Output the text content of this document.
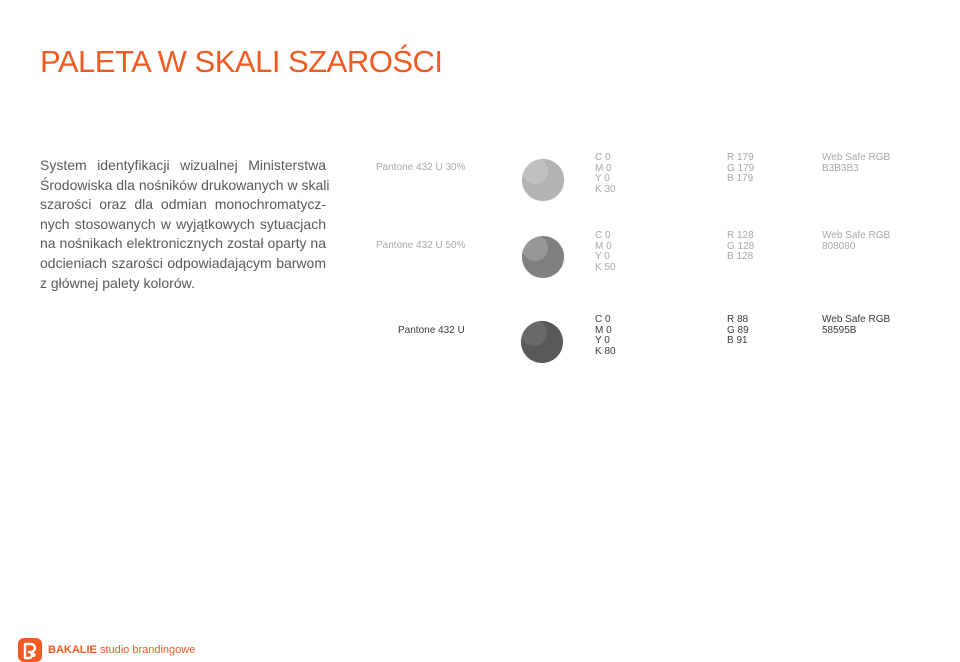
PALETA W SKALI SZAROŚCI
System identyfikacji wizualnej Ministerstwa
Środowiska dla nośników drukowanych w skali
szarości oraz dla odmian monochromatycz-
nych stosowanych w wyjątkowych sytuacjach
na nośnikach elektronicznych został oparty na
odcieniach szarości odpowiadającym barwom
z głównej palety kolorów.
Pantone 432 U 30%
C 0
M 0
Y 0
K 30
R 179
G 179
B 179
Web Safe RGB
B3B3B3
Pantone 432 U 50%
C 0
M 0
Y 0
K 50
R 128
G 128
B 128
Web Safe RGB
808080
Pantone 432 U
C 0
M 0
Y 0
K 80
R 88
G 89
B 91
Web Safe RGB
58595B
BAKALIE studio brandingowe
